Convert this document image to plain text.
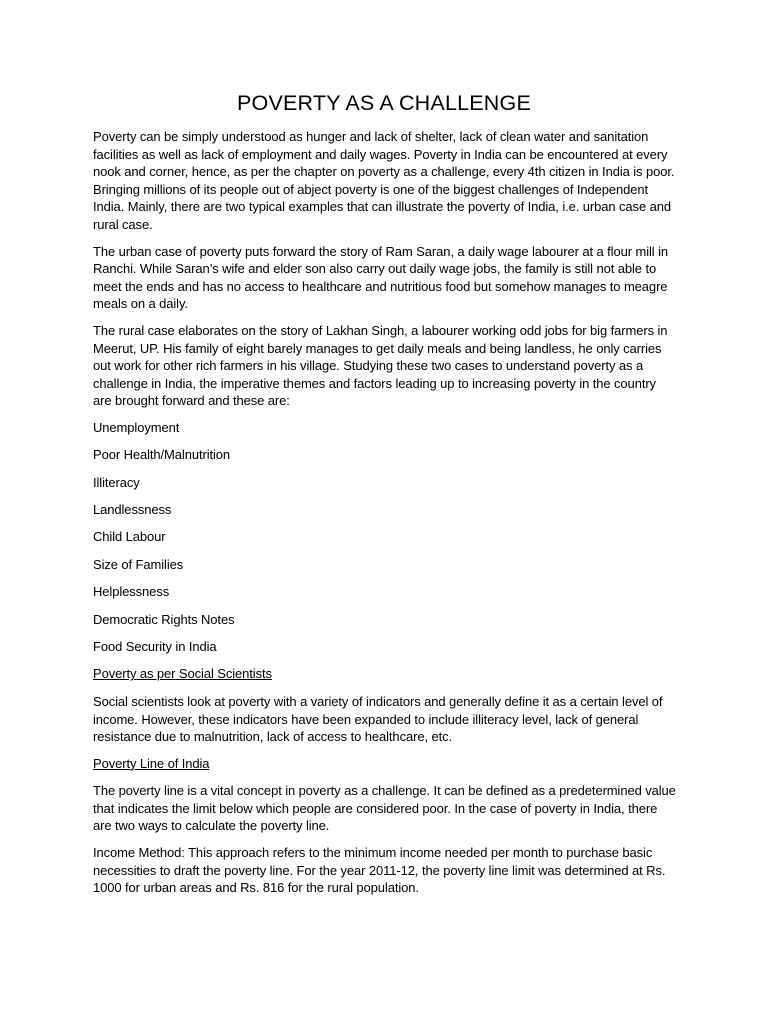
POVERTY AS A CHALLENGE

Poverty can be simply understood as hunger and lack of shelter, lack of clean water and sanitation facilities as well as lack of employment and daily wages. Poverty in India can be encountered at every nook and corner, hence, as per the chapter on poverty as a challenge, every 4th citizen in India is poor. Bringing millions of its people out of abject poverty is one of the biggest challenges of Independent India. Mainly, there are two typical examples that can illustrate the poverty of India, i.e. urban case and rural case.

The urban case of poverty puts forward the story of Ram Saran, a daily wage labourer at a flour mill in Ranchi. While Saran’s wife and elder son also carry out daily wage jobs, the family is still not able to meet the ends and has no access to healthcare and nutritious food but somehow manages to meagre meals on a daily.

The rural case elaborates on the story of Lakhan Singh, a labourer working odd jobs for big farmers in Meerut, UP. His family of eight barely manages to get daily meals and being landless, he only carries out work for other rich farmers in his village. Studying these two cases to understand poverty as a challenge in India, the imperative themes and factors leading up to increasing poverty in the country are brought forward and these are:

Unemployment

Poor Health/Malnutrition

Illiteracy

Landlessness

Child Labour

Size of Families

Helplessness

Democratic Rights Notes

Food Security in India

Poverty as per Social Scientists

Social scientists look at poverty with a variety of indicators and generally define it as a certain level of income. However, these indicators have been expanded to include illiteracy level, lack of general resistance due to malnutrition, lack of access to healthcare, etc.

Poverty Line of India

The poverty line is a vital concept in poverty as a challenge. It can be defined as a predetermined value that indicates the limit below which people are considered poor. In the case of poverty in India, there are two ways to calculate the poverty line.

Income Method: This approach refers to the minimum income needed per month to purchase basic necessities to draft the poverty line. For the year 2011-12, the poverty line limit was determined at Rs. 1000 for urban areas and Rs. 816 for the rural population.
